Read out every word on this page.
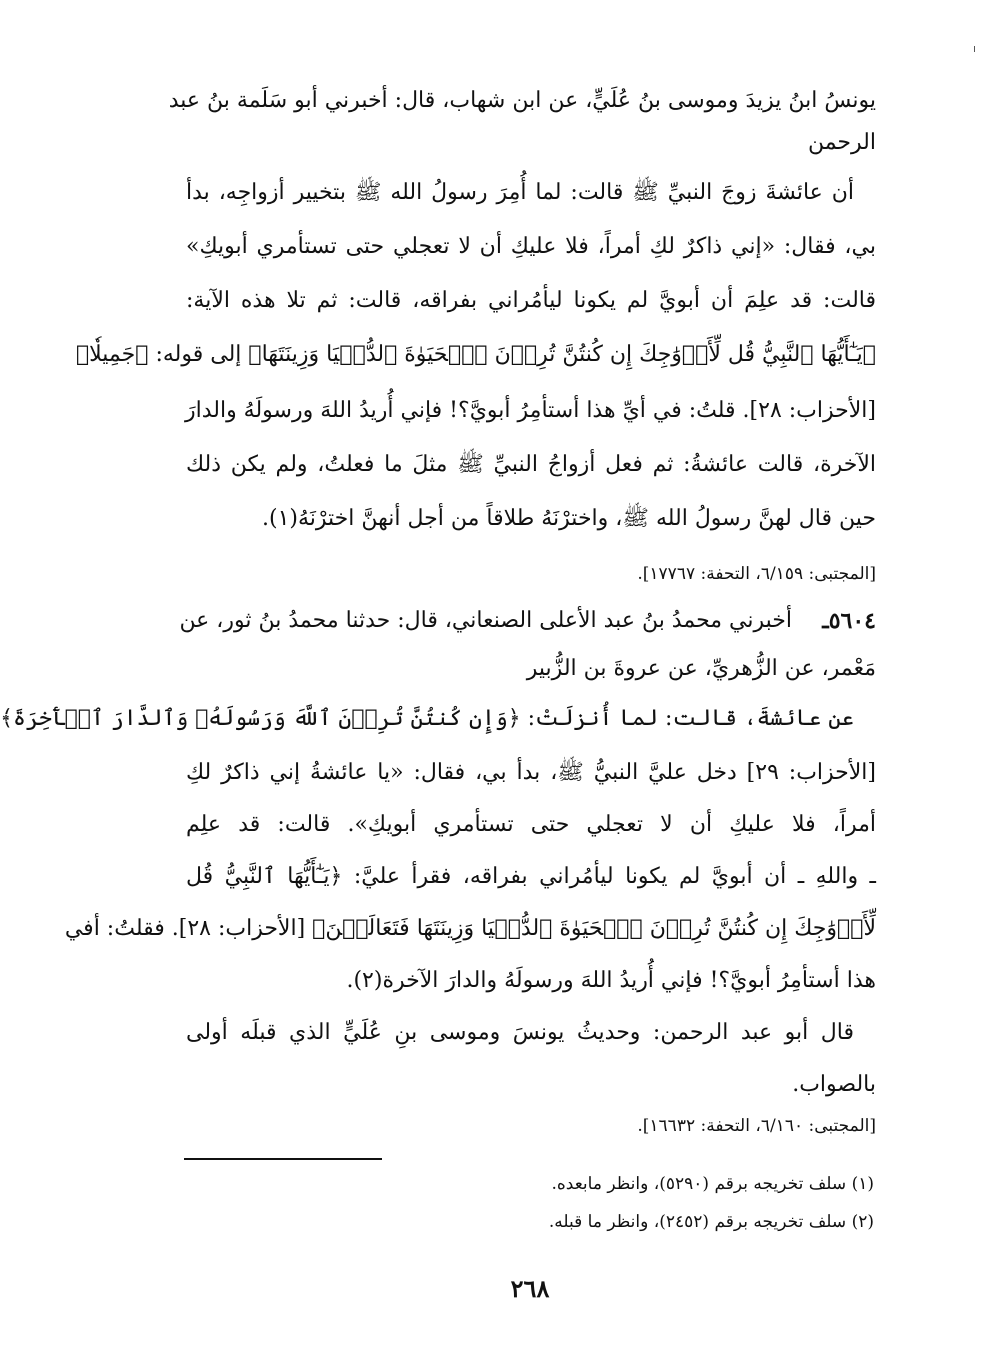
يونسُ ابنُ يزيدَ وموسى بنُ عُلَيٍّ، عن ابن شهاب، قال: أخبرني أبو سَلَمة بنُ عبد
الرحمن
أن عائشةَ زوجَ النبيِّ ﷺ قالت: لما أُمِرَ رسولُ الله ﷺ بتخيير أزواجِه، بدأ
بي، فقال: «إني ذاكرٌ لكِ أمراً، فلا عليكِ أن لا تعجلي حتى تستأمري أبويكِ»
قالت: قد علِمَ أن أبويَّ لم يكونا ليأمُراني بفراقه، قالت: ثم تلا هذه الآية:
﴿يَـٰٓأَيُّهَا ٱلنَّبِيُّ قُل لِّأَزۡوَٰجِكَ إِن كُنتُنَّ تُرِدۡنَ ٱلۡحَيَوٰةَ ٱلدُّنۡيَا وَزِينَتَهَا﴾ إلى قوله: ﴿جَمِيلٗا﴾
[الأحزاب: ٢٨]. قلتُ: في أيِّ هذا أستأمِرُ أبويَّ؟! فإني أُريدُ اللهَ ورسولَهُ والدارَ
الآخرة، قالت عائشةُ: ثم فعل أزواجُ النبيِّ ﷺ مثلَ ما فعلتُ، ولم يكن ذلك
حين قال لهنَّ رسولُ الله ﷺ، واخترْنَهُ طلاقاً من أجل أنهنَّ اخترْنَهُ(١).
[المجتبى: ٦/١٥٩، التحفة: ١٧٧٦٧].
٥٦٠٤ـ
أخبرني محمدُ بنُ عبد الأعلى الصنعاني، قال: حدثنا محمدُ بنُ ثور، عن
مَعْمر، عن الزُّهريِّ، عن عروةَ بن الزُّبير
عن عائشةَ، قالت: لما أُنزلَتْ: ﴿وَإِن كُنتُنَّ تُرِدۡنَ ٱللَّهَ وَرَسُولَهُۥ وَٱلدَّارَ ٱلۡأٓخِرَةَ﴾
[الأحزاب: ٢٩] دخل عليَّ النبيُّ ﷺ، بدأ بي، فقال: «يا عائشةُ إني ذاكرٌ لكِ
أمراً، فلا عليكِ أن لا تعجلي حتى تستأمري أبويكِ». قالت: قد علِم
ـ واللهِ ـ أن أبويَّ لم يكونا ليأمُراني بفراقه، فقرأ عليَّ: ﴿يَـٰٓأَيُّهَا ٱلنَّبِيُّ قُل
لِّأَزۡوَٰجِكَ إِن كُنتُنَّ تُرِدۡنَ ٱلۡحَيَوٰةَ ٱلدُّنۡيَا وَزِينَتَهَا فَتَعَالَيۡنَ﴾ [الأحزاب: ٢٨]. فقلتُ: أفي
هذا أستأمِرُ أبويَّ؟! فإني أُريدُ اللهَ ورسولَهُ والدارَ الآخرة(٢).
قال أبو عبد الرحمن: وحديثُ يونسَ وموسى بنِ عُلَيٍّ الذي قبلَه أولى
بالصواب.
[المجتبى: ٦/١٦٠، التحفة: ١٦٦٣٢].
(١) سلف تخريجه برقم (٥٢٩٠)، وانظر مابعده.
(٢) سلف تخريجه برقم (٢٤٥٢)، وانظر ما قبله.
٢٦٨
